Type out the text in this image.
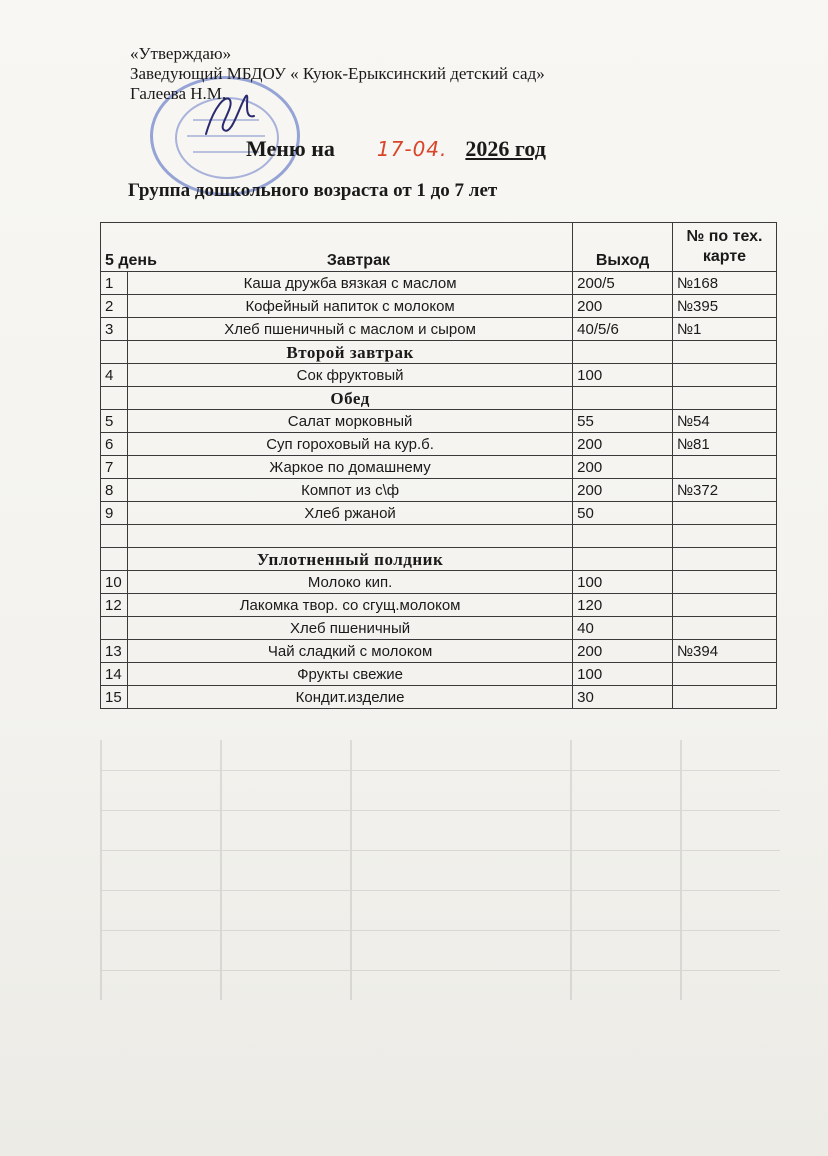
«Утверждаю»
Заведующий МБДОУ « Куюк-Ерыксинский детский сад»
Галеева Н.М.
Меню на 17-04. 2026 год
Группа дошкольного возраста от 1 до 7 лет
5 день Завтрак		Выход	№ по тех. карте
1	Каша дружба вязкая с маслом	200/5	№168
2	Кофейный напиток с молоком	200	№395
3	Хлеб пшеничный с маслом и сыром	40/5/6	№1
	Второй завтрак		
4	Сок фруктовый	100	
	Обед		
5	Салат морковный	55	№54
6	Суп гороховый на кур.б.	200	№81
7	Жаркое по домашнему	200	
8	Компот из с\ф	200	№372
9	Хлеб ржаной	50	

	Уплотненный полдник		
10	Молоко кип.	100	
12	Лакомка твор. со сгущ.молоком	120	
	Хлеб пшеничный	40	
13	Чай сладкий с молоком	200	№394
14	Фрукты свежие	100	
15	Кондит.изделие	30	
